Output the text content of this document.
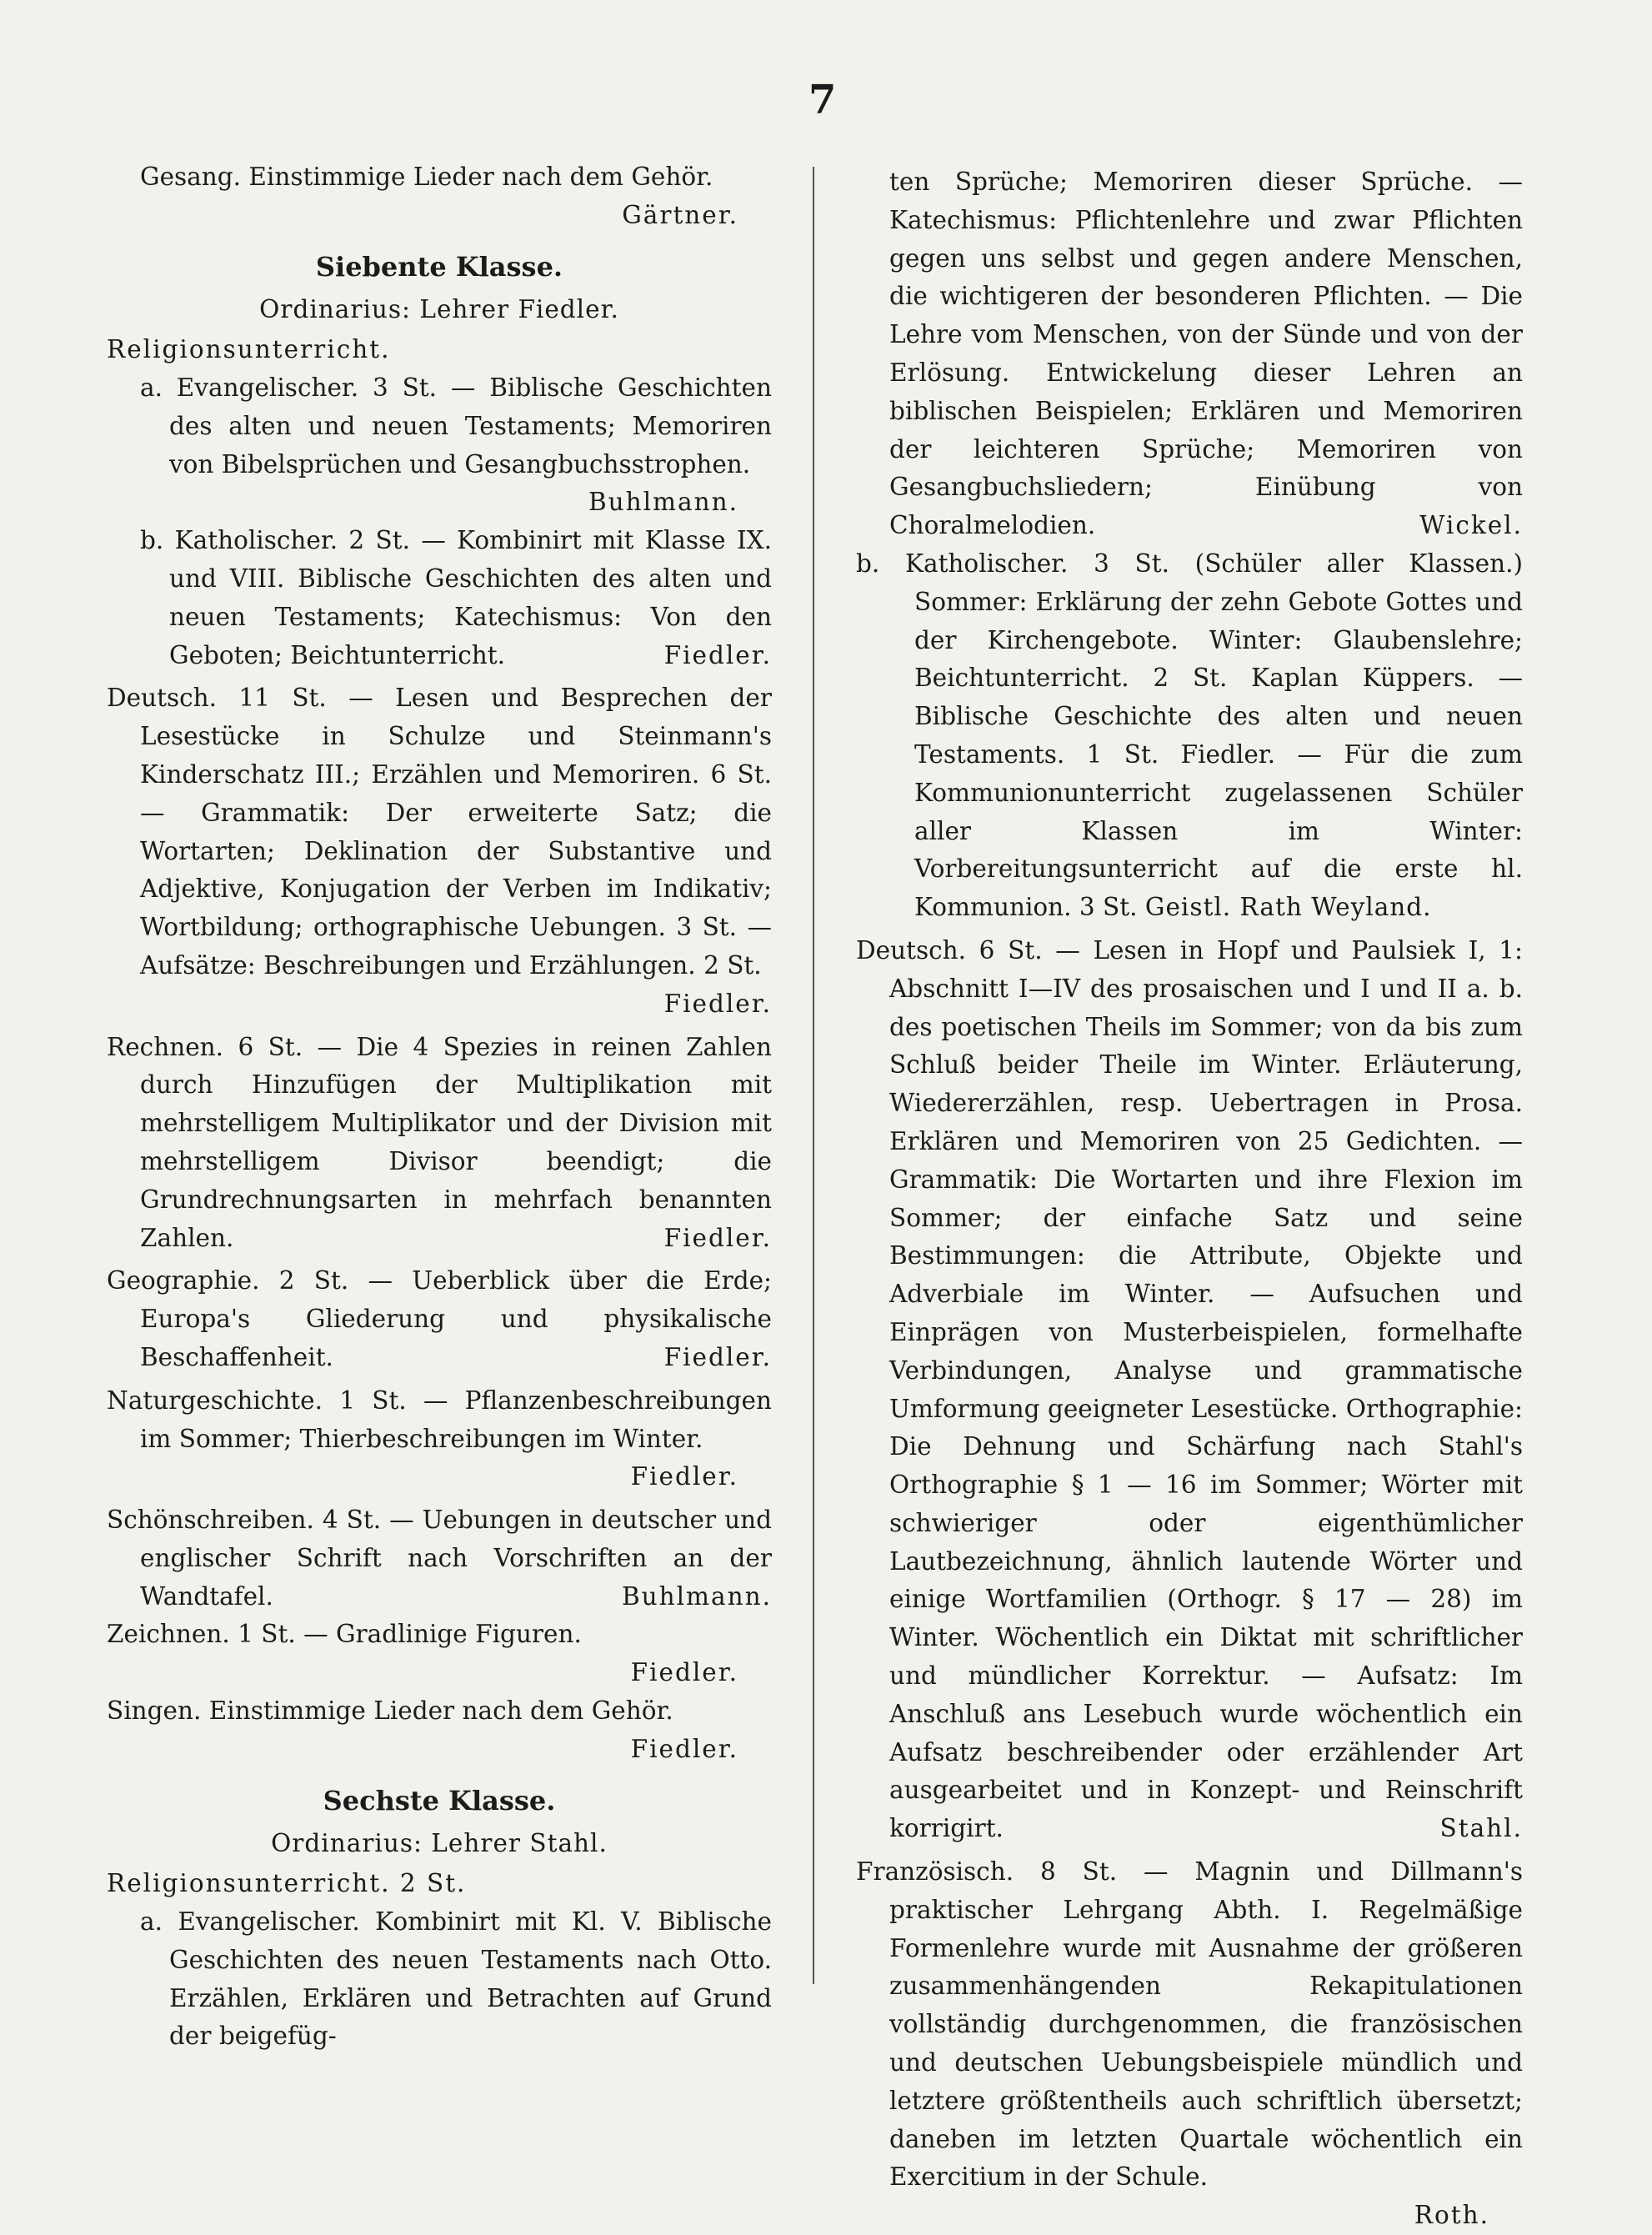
7
Gesang. Einstimmige Lieder nach dem Gehör.
Gärtner.
Siebente Klasse.
Ordinarius: Lehrer Fiedler.
Religionsunterricht.
a. Evangelischer. 3 St. — Biblische Geschichten des alten und neuen Testaments; Memoriren von Bibelsprüchen und Gesangbuchsstrophen.
Buhlmann.
b. Katholischer. 2 St. — Kombinirt mit Klasse IX. und VIII. Biblische Geschichten des alten und neuen Testaments; Katechismus: Von den Geboten; Beichtunterricht.	Fiedler.
Deutsch. 11 St. — Lesen und Besprechen der Lesestücke in Schulze und Steinmann's Kinderschatz III.; Erzählen und Memoriren. 6 St. — Grammatik: Der erweiterte Satz; die Wortarten; Deklination der Substantive und Adjektive, Konjugation der Verben im Indikativ; Wortbildung; orthographische Uebungen. 3 St. — Aufsätze: Beschreibungen und Erzählungen. 2 St.
Fiedler.
Rechnen. 6 St. — Die 4 Spezies in reinen Zahlen durch Hinzufügen der Multiplikation mit mehrstelligem Multiplikator und der Division mit mehrstelligem Divisor beendigt; die Grundrechnungsarten in mehrfach benannten Zahlen.	Fiedler.
Geographie. 2 St. — Ueberblick über die Erde; Europa's Gliederung und physikalische Beschaffenheit.	Fiedler.
Naturgeschichte. 1 St. — Pflanzenbeschreibungen im Sommer; Thierbeschreibungen im Winter.
Fiedler.
Schönschreiben. 4 St. — Uebungen in deutscher und englischer Schrift nach Vorschriften an der Wandtafel.	Buhlmann.
Zeichnen. 1 St. — Gradlinige Figuren.
Fiedler.
Singen. Einstimmige Lieder nach dem Gehör.
Fiedler.
Sechste Klasse.
Ordinarius: Lehrer Stahl.
Religionsunterricht. 2 St.
a. Evangelischer. Kombinirt mit Kl. V. Biblische Geschichten des neuen Testaments nach Otto. Erzählen, Erklären und Betrachten auf Grund der beigefüg-
ten Sprüche; Memoriren dieser Sprüche. — Katechismus: Pflichtenlehre und zwar Pflichten gegen uns selbst und gegen andere Menschen, die wichtigeren der besonderen Pflichten. — Die Lehre vom Menschen, von der Sünde und von der Erlösung. Entwickelung dieser Lehren an biblischen Beispielen; Erklären und Memoriren der leichteren Sprüche; Memoriren von Gesangbuchsliedern; Einübung von Choralmelodien.	Wickel.
b. Katholischer. 3 St. (Schüler aller Klassen.) Sommer: Erklärung der zehn Gebote Gottes und der Kirchengebote. Winter: Glaubenslehre; Beichtunterricht. 2 St. Kaplan Küppers. — Biblische Geschichte des alten und neuen Testaments. 1 St. Fiedler. — Für die zum Kommunionunterricht zugelassenen Schüler aller Klassen im Winter: Vorbereitungsunterricht auf die erste hl. Kommunion. 3 St. Geistl. Rath Weyland.
Deutsch. 6 St. — Lesen in Hopf und Paulsiek I, 1: Abschnitt I—IV des prosaischen und I und II a. b. des poetischen Theils im Sommer; von da bis zum Schluß beider Theile im Winter. Erläuterung, Wiedererzählen, resp. Uebertragen in Prosa. Erklären und Memoriren von 25 Gedichten. — Grammatik: Die Wortarten und ihre Flexion im Sommer; der einfache Satz und seine Bestimmungen: die Attribute, Objekte und Adverbiale im Winter. — Aufsuchen und Einprägen von Musterbeispielen, formelhafte Verbindungen, Analyse und grammatische Umformung geeigneter Lesestücke. Orthographie: Die Dehnung und Schärfung nach Stahl's Orthographie § 1 — 16 im Sommer; Wörter mit schwieriger oder eigenthümlicher Lautbezeichnung, ähnlich lautende Wörter und einige Wortfamilien (Orthogr. § 17 — 28) im Winter. Wöchentlich ein Diktat mit schriftlicher und mündlicher Korrektur. — Aufsatz: Im Anschluß ans Lesebuch wurde wöchentlich ein Aufsatz beschreibender oder erzählender Art ausgearbeitet und in Konzept- und Reinschrift korrigirt.	Stahl.
Französisch. 8 St. — Magnin und Dillmann's praktischer Lehrgang Abth. I. Regelmäßige Formenlehre wurde mit Ausnahme der größeren zusammenhängenden Rekapitulationen vollständig durchgenommen, die französischen und deutschen Uebungsbeispiele mündlich und letztere größtentheils auch schriftlich übersetzt; daneben im letzten Quartale wöchentlich ein Exercitium in der Schule.
Roth.
